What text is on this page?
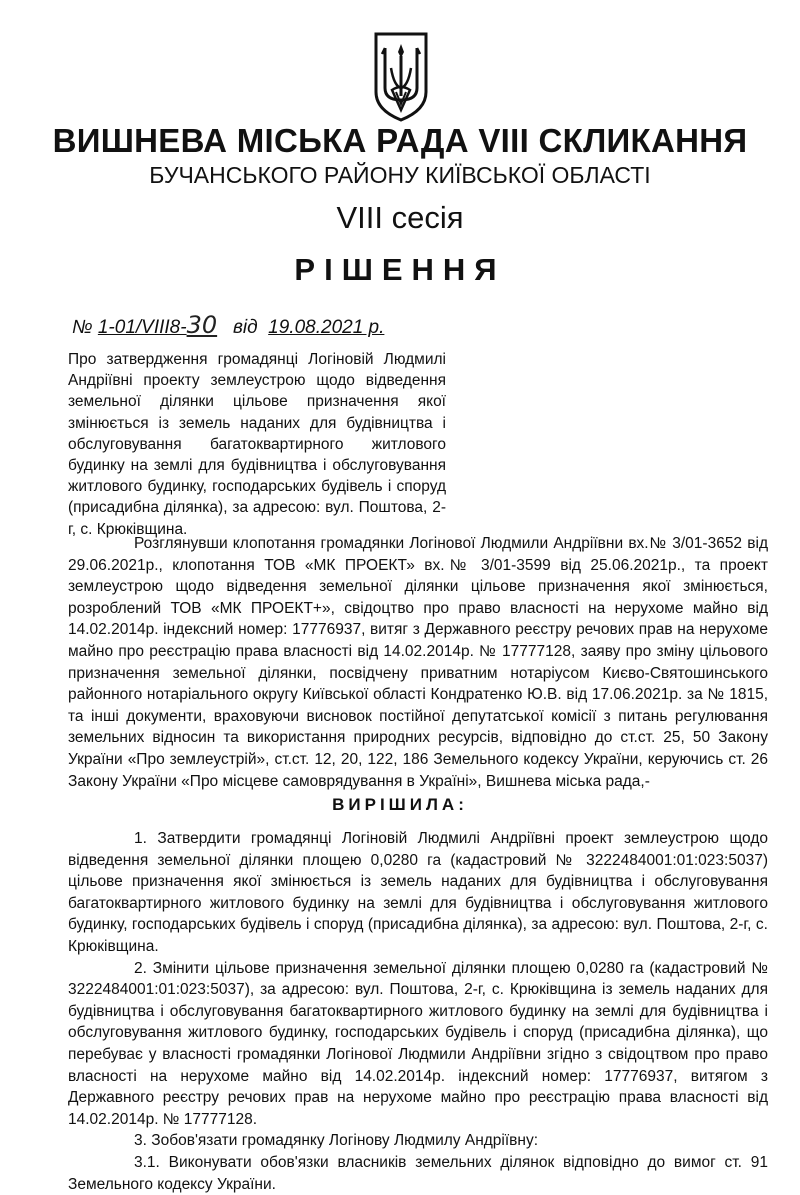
ВИШНЕВА МІСЬКА РАДА VIII СКЛИКАННЯ
БУЧАНСЬКОГО РАЙОНУ КИЇВСЬКОЇ ОБЛАСТІ
VIII сесія
РІШЕННЯ
№ 1-01/VIII8-30 від 19.08.2021 р.

Про затвердження громадянці Логіновій Людмилі Андріївні проекту землеустрою щодо відведення земельної ділянки цільове призначення якої змінюється із земель наданих для будівництва і обслуговування багатоквартирного житлового будинку на землі для будівництва і обслуговування житлового будинку, господарських будівель і споруд (присадибна ділянка), за адресою: вул. Поштова, 2-г, с. Крюківщина.

Розглянувши клопотання громадянки Логінової Людмили Андріївни вх.№ 3/01-3652 від 29.06.2021р., клопотання ТОВ «МК ПРОЕКТ» вх.№ 3/01-3599 від 25.06.2021р., та проект землеустрою щодо відведення земельної ділянки цільове призначення якої змінюється, розроблений ТОВ «МК ПРОЕКТ+», свідоцтво про право власності на нерухоме майно від 14.02.2014р. індексний номер: 17776937, витяг з Державного реєстру речових прав на нерухоме майно про реєстрацію права власності від 14.02.2014р. № 17777128, заяву про зміну цільового призначення земельної ділянки, посвідчену приватним нотаріусом Києво-Святошинського районного нотаріального округу Київської області Кондратенко Ю.В. від 17.06.2021р. за № 1815, та інші документи, враховуючи висновок постійної депутатської комісії з питань регулювання земельних відносин та використання природних ресурсів, відповідно до ст.ст. 25, 50 Закону України «Про землеустрій», ст.ст. 12, 20, 122, 186 Земельного кодексу України, керуючись ст. 26 Закону України «Про місцеве самоврядування в Україні», Вишнева міська рада,-

ВИРІШИЛА:

1. Затвердити громадянці Логіновій Людмилі Андріївні проект землеустрою щодо відведення земельної ділянки площею 0,0280 га (кадастровий № 3222484001:01:023:5037) цільове призначення якої змінюється із земель наданих для будівництва і обслуговування багатоквартирного житлового будинку на землі для будівництва і обслуговування житлового будинку, господарських будівель і споруд (присадибна ділянка), за адресою: вул. Поштова, 2-г, с. Крюківщина.

2. Змінити цільове призначення земельної ділянки площею 0,0280 га (кадастровий № 3222484001:01:023:5037), за адресою: вул. Поштова, 2-г, с. Крюківщина із земель наданих для будівництва і обслуговування багатоквартирного житлового будинку на землі для будівництва і обслуговування житлового будинку, господарських будівель і споруд (присадибна ділянка), що перебуває у власності громадянки Логінової Людмили Андріївни згідно з свідоцтвом про право власності на нерухоме майно від 14.02.2014р. індексний номер: 17776937, витягом з Державного реєстру речових прав на нерухоме майно про реєстрацію права власності від 14.02.2014р. № 17777128.

3. Зобов'язати громадянку Логінову Людмилу Андріївну:

3.1. Виконувати обов'язки власників земельних ділянок відповідно до вимог ст. 91 Земельного кодексу України.
